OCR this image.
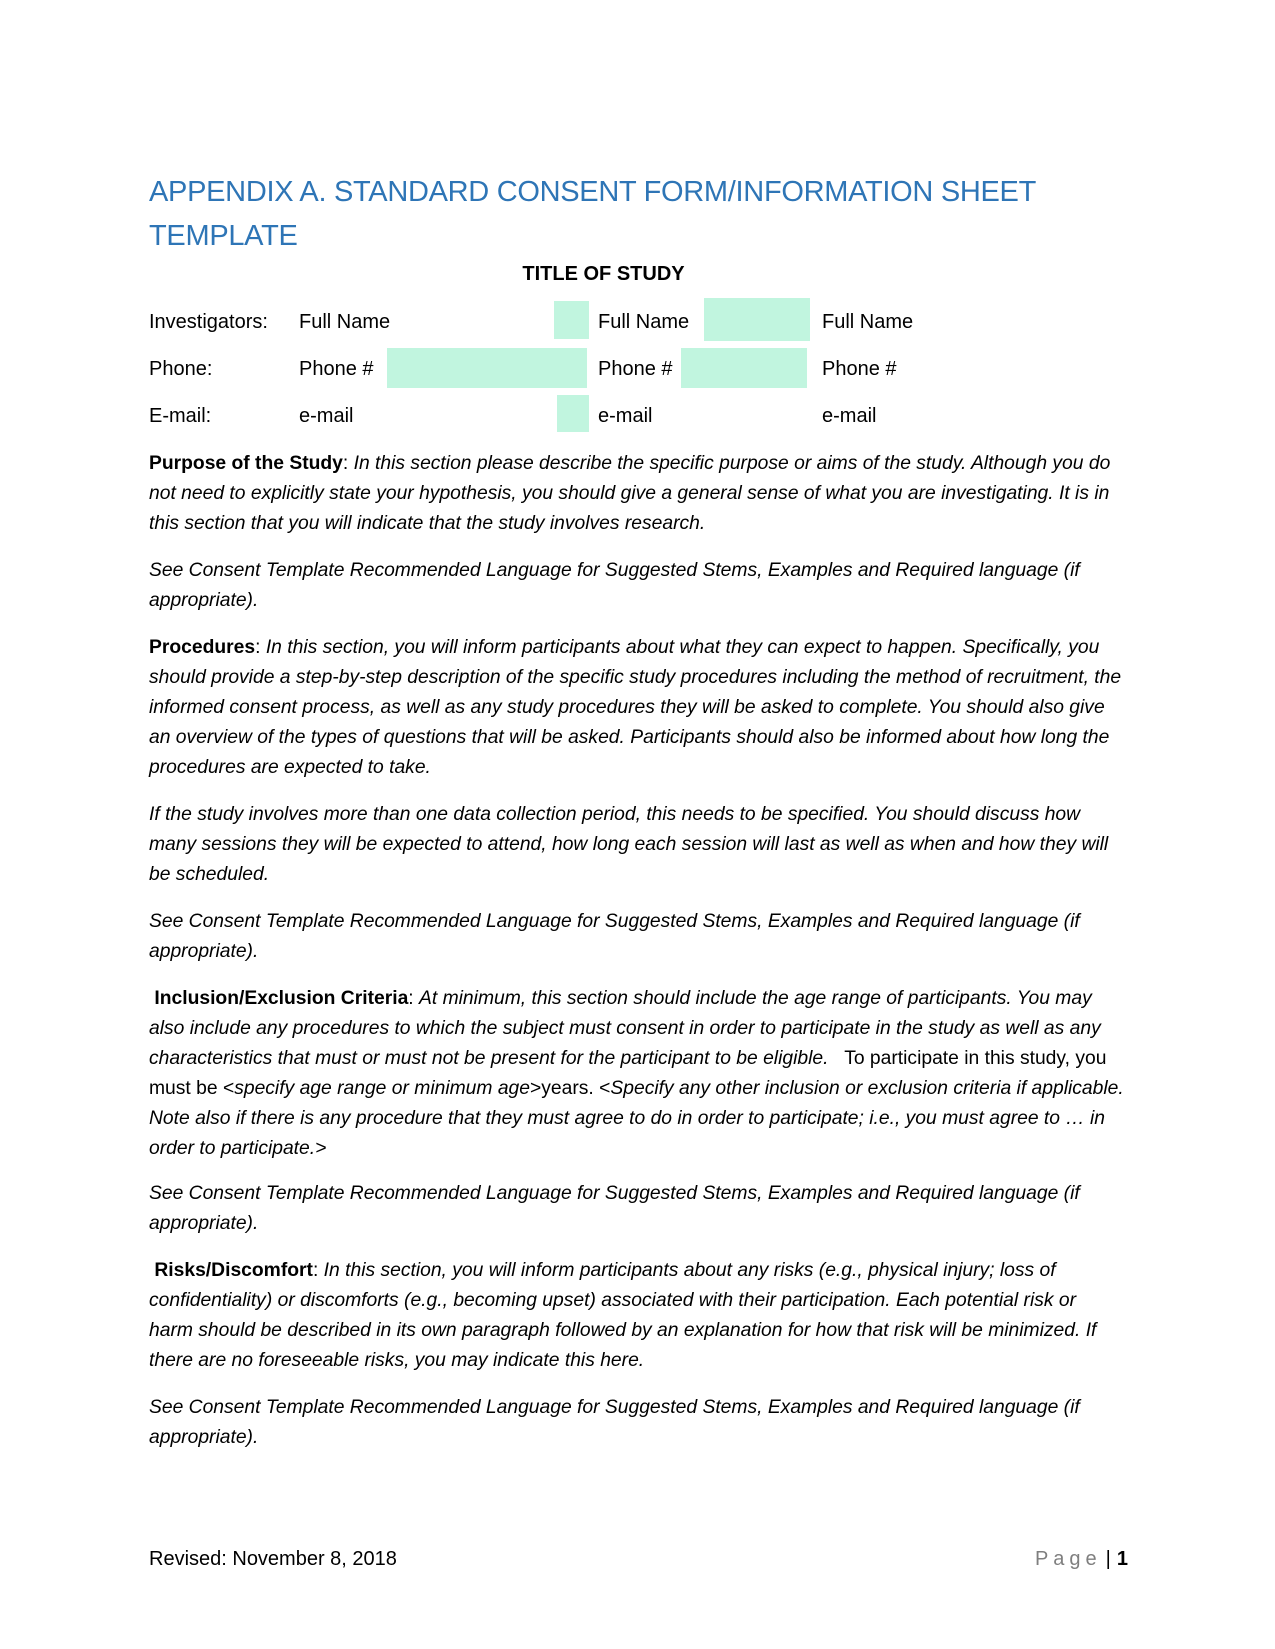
APPENDIX A. STANDARD CONSENT FORM/INFORMATION SHEET
TEMPLATE
TITLE OF STUDY
Investigators: Full Name	Full Name	Full Name
Phone:	Phone #	Phone #	Phone #
E-mail:	e-mail	e-mail	e-mail
Purpose of the Study: In this section please describe the specific purpose or aims of the study. Although you do not need to explicitly state your hypothesis, you should give a general sense of what you are investigating. It is in this section that you will indicate that the study involves research.
See Consent Template Recommended Language for Suggested Stems, Examples and Required language (if appropriate).
Procedures: In this section, you will inform participants about what they can expect to happen. Specifically, you should provide a step-by-step description of the specific study procedures including the method of recruitment, the informed consent process, as well as any study procedures they will be asked to complete. You should also give an overview of the types of questions that will be asked. Participants should also be informed about how long the procedures are expected to take.
If the study involves more than one data collection period, this needs to be specified. You should discuss how many sessions they will be expected to attend, how long each session will last as well as when and how they will be scheduled.
See Consent Template Recommended Language for Suggested Stems, Examples and Required language (if appropriate).
Inclusion/Exclusion Criteria: At minimum, this section should include the age range of participants. You may also include any procedures to which the subject must consent in order to participate in the study as well as any characteristics that must or must not be present for the participant to be eligible. To participate in this study, you must be <specify age range or minimum age>years. <Specify any other inclusion or exclusion criteria if applicable. Note also if there is any procedure that they must agree to do in order to participate; i.e., you must agree to … in order to participate.>
See Consent Template Recommended Language for Suggested Stems, Examples and Required language (if appropriate).
Risks/Discomfort: In this section, you will inform participants about any risks (e.g., physical injury; loss of confidentiality) or discomforts (e.g., becoming upset) associated with their participation. Each potential risk or harm should be described in its own paragraph followed by an explanation for how that risk will be minimized. If there are no foreseeable risks, you may indicate this here.
See Consent Template Recommended Language for Suggested Stems, Examples and Required language (if appropriate).
Revised: November 8, 2018	Page | 1
